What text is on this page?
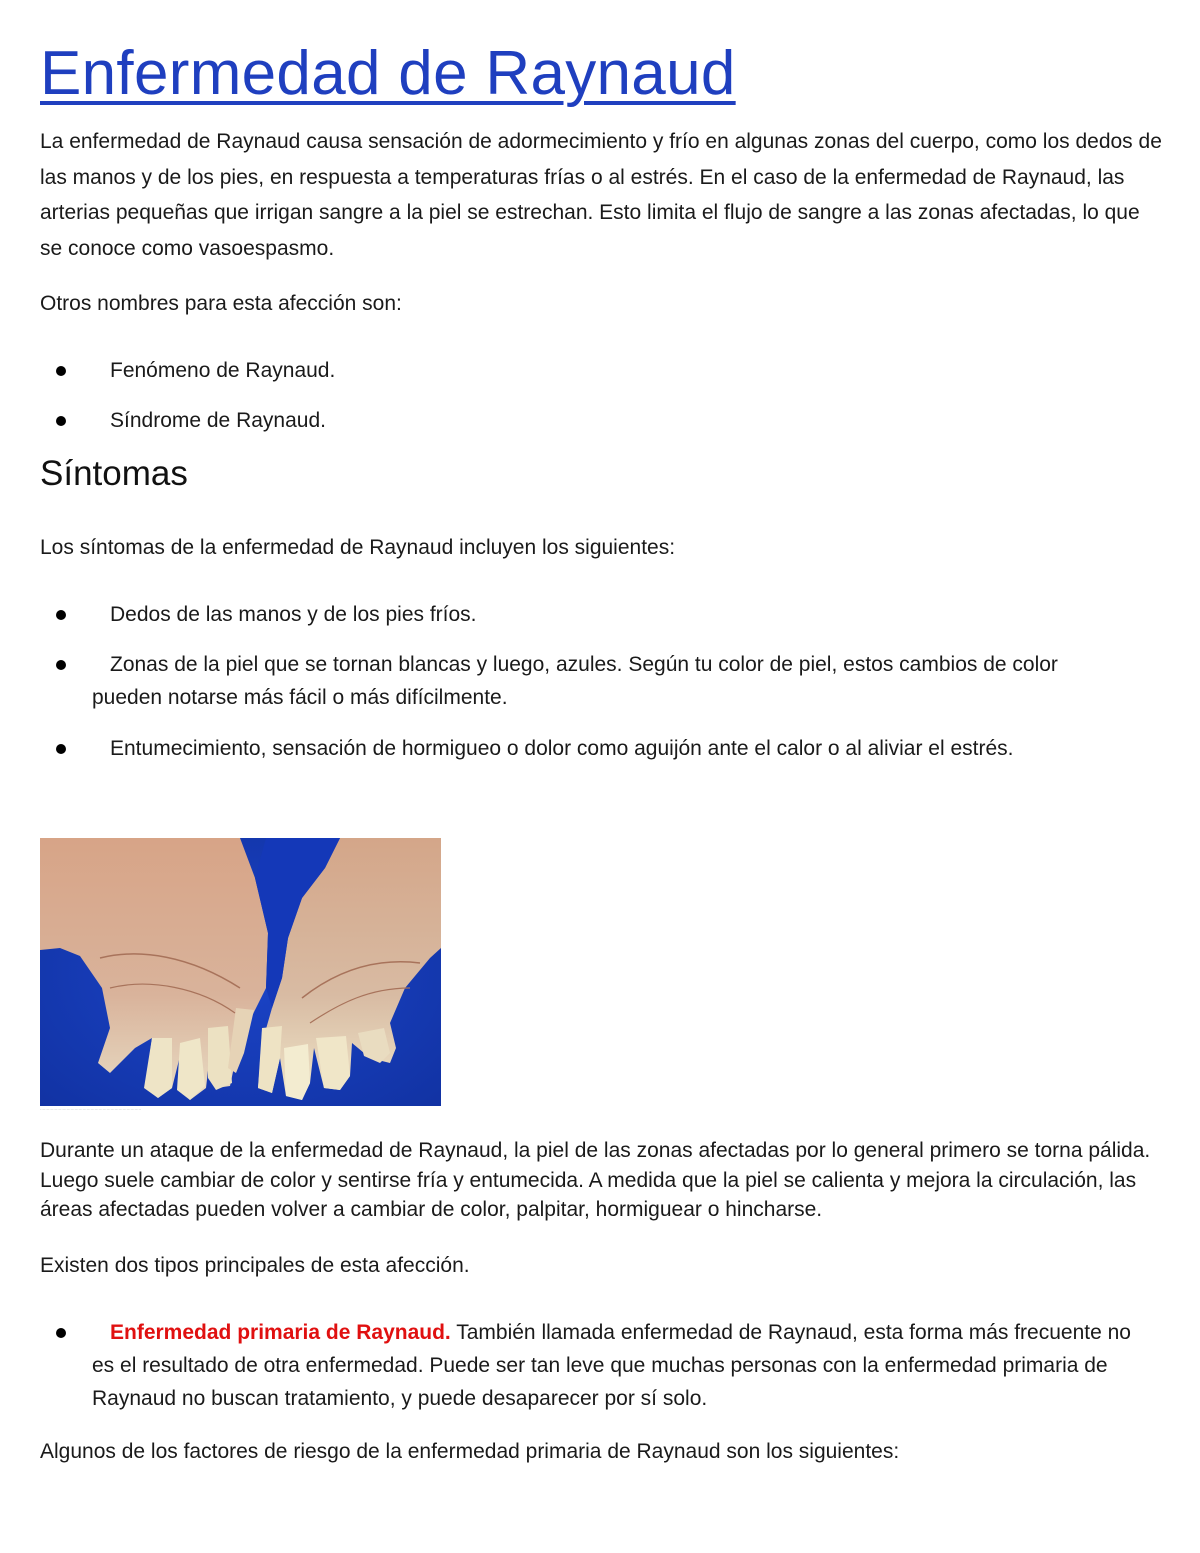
Enfermedad de Raynaud

La enfermedad de Raynaud causa sensación de adormecimiento y frío en algunas zonas del cuerpo, como los dedos de las manos y de los pies, en respuesta a temperaturas frías o al estrés. En el caso de la enfermedad de Raynaud, las arterias pequeñas que irrigan sangre a la piel se estrechan. Esto limita el flujo de sangre a las zonas afectadas, lo que se conoce como vasoespasmo.

Otros nombres para esta afección son:

Fenómeno de Raynaud.
Síndrome de Raynaud.
Síntomas

Los síntomas de la enfermedad de Raynaud incluyen los siguientes:

Dedos de las manos y de los pies fríos.
Zonas de la piel que se tornan blancas y luego, azules. Según tu color de piel, estos cambios de color pueden notarse más fácil o más difícilmente.
Entumecimiento, sensación de hormigueo o dolor como aguijón ante el calor o al aliviar el estrés.
············································································

Durante un ataque de la enfermedad de Raynaud, la piel de las zonas afectadas por lo general primero se torna pálida. Luego suele cambiar de color y sentirse fría y entumecida. A medida que la piel se calienta y mejora la circulación, las áreas afectadas pueden volver a cambiar de color, palpitar, hormiguear o hincharse.

Existen dos tipos principales de esta afección.

Enfermedad primaria de Raynaud. También llamada enfermedad de Raynaud, esta forma más frecuente no es el resultado de otra enfermedad. Puede ser tan leve que muchas personas con la enfermedad primaria de Raynaud no buscan tratamiento, y puede desaparecer por sí solo.

Algunos de los factores de riesgo de la enfermedad primaria de Raynaud son los siguientes:
